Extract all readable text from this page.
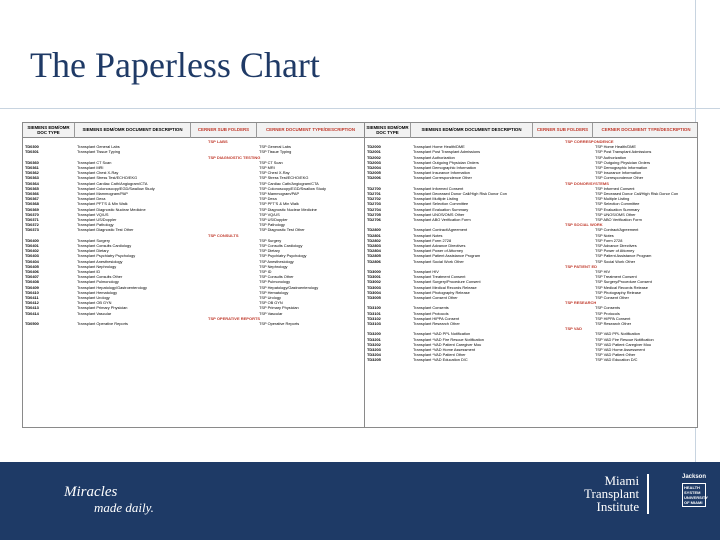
The Paperless Chart
SIEMENS EDM/OMR DOC TYPE	SIEMENS EDM/OMR DOCUMENT DESCRIPTION	CERNER SUB FOLDERS	CERNER DOCUMENT TYPE/DESCRIPTION
TSP LABS
TD0300	Transplant General Labs	TSP General Labs
TD0301	Transplant Tissue Typing	TSP Tissue Typing
TSP DIAGNOSTIC TESTING
TD0360	Transplant CT Scan	TSP CT Scan
TD0361	Transplant MRI	TSP MRI
TD0362	Transplant Chest X-Ray	TSP Chest X-Ray
TD0363	Transplant Stress Test/ECHO/EKG	TSP Stress Test/ECHO/EKG
TD0364	Transplant Cardiac Cath/Angiogram/CTA	TSP Cardiac Cath/Angiogram/CTA
TD0365	Transplant Colonoscopy/EGD/Swallow Study	TSP Colonoscopy/EGD/Swallow Study
TD0366	Transplant Mammogram/PAP	TSP Mammogram/PAP
TD0367	Transplant Dexa	TSP Dexa
TD0368	Transplant PFT'S & Min Walk	TSP PFT'S & Min Walk
TD0369	Transplant Diagnostic Nuclear Medicine	TSP Diagnostic Nuclear Medicine
TD0370	Transplant VQ/US	TSP VQ/US
TD0371	Transplant US/Doppler	TSP US/Doppler
TD0372	Transplant Pathology	TSP Pathology
TD0373	Transplant Diagnostic Test Other	TSP Diagnostic Test Other
TSP CONSULTS
TD0400	Transplant Surgery	TSP Surgery
TD0401	Transplant Consults Cardiology	TSP Consults Cardiology
TD0402	Transplant Dietary	TSP Dietary
TD0403	Transplant Psychiatry Psychology	TSP Psychiatry Psychology
TD0404	Transplant Anesthesiology	TSP Anesthesiology
TD0405	Transplant Nephrology	TSP Nephrology
TD0406	Transplant ID	TSP ID
TD0407	Transplant Consults Other	TSP Consults Other
TD0408	Transplant Pulmonology	TSP Pulmonology
TD0409	Transplant Hepatology/Gastroenterology	TSP Hepatology/Gastroenterology
TD0410	Transplant Hematology	TSP Hematology
TD0411	Transplant Urology	TSP Urology
TD0412	Transplant OB GYN	TSP OB GYN
TD0413	Transplant Primary Physician	TSP Primary Physician
TD0414	Transplant Vascular	TSP Vascular
TSP OPERATIVE REPORTS
TD0500	Transplant Operative Reports	TSP Operative Reports
SIEMENS EDM/OMR DOC TYPE	SIEMENS EDM/OMR DOCUMENT DESCRIPTION	CERNER SUB FOLDERS	CERNER DOCUMENT TYPE/DESCRIPTION
TSP CORRESPONDENCE
TD2000	Transplant Home Health/DME	TSP Home Health/DME
TD2001	Transplant Post Transplant Admissions	TSP Post Transplant Admissions
TD2002	Transplant Authorization	TSP Authorization
TD2003	Transplant Outgoing Physician Orders	TSP Outgoing Physician Orders
TD2004	Transplant Demographic Information	TSP Demographic Information
TD2005	Transplant Insurance Information	TSP Insurance Information
TD2006	Transplant Correspondence Other	TSP Correspondence Other
TSP DONOR/SYSTEMS
TD2700	Transplant Informed Consent	TSP Informed Consent
TD2701	Transplant Deceased Donor Call/High Risk Donor Con	TSP Deceased Donor Call/High Risk Donor Con
TD2702	Transplant Multiple Listing	TSP Multiple Listing
TD2703	Transplant Selection Committee	TSP Selection Committee
TD2704	Transplant Evaluation Summary	TSP Evaluation Summary
TD2705	Transplant UNOS/OMS Other	TSP UNOS/OMS Other
TD2706	Transplant ABO Verification Form	TSP ABO Verification Form
TSP SOCIAL WORK
TD2800	Transplant Contract/Agreement	TSP Contract/Agreement
TD2801	Transplant Notes	TSP Notes
TD2802	Transplant Form 2728	TSP Form 2728
TD2803	Transplant Advance Directives	TSP Advance Directives
TD2804	Transplant Power of Attorney	TSP Power of Attorney
TD2805	Transplant Patient Assistance Program	TSP Patient Assistance Program
TD2806	Transplant Social Work Other	TSP Social Work Other
TSP PATIENT ED
TD3000	Transplant HIV	TSP HIV
TD3001	Transplant Treatment Consent	TSP Treatment Consent
TD3002	Transplant Surgery/Procedure Consent	TSP Surgery/Procedure Consent
TD3003	Transplant Medical Records Release	TSP Medical Records Release
TD3004	Transplant Photography Release	TSP Photography Release
TD3005	Transplant Consent Other	TSP Consent Other
TSP RESEARCH
TD3100	Transplant Consents	TSP Consents
TD3101	Transplant Protocols	TSP Protocols
TD3102	Transplant HIPPA Consent	TSP HIPPA Consent
TD3103	Transplant Research Other	TSP Research Other
TSP VAD
TD3200	Transplant *VAD PPL Notification	TSP VAD PPL Notification
TD3201	Transplant *VAD Fire Rescue Notification	TSP VAD Fire Rescue Notification
TD3202	Transplant *VAD Patient Caregiver Mou	TSP VAD Patient Caregiver Mou
TD3203	Transplant *VAD Home Assessment	TSP VAD Home Assessment
TD3204	Transplant *VAD Patient Other	TSP VAD Patient Other
TD3205	Transplant *VAD Education D/C	TSP VAD Education D/C
Miracles
made daily.
Miami
Transplant
Institute
Jackson
HEALTH SYSTEM UNIVERSITY OF MIAMI
